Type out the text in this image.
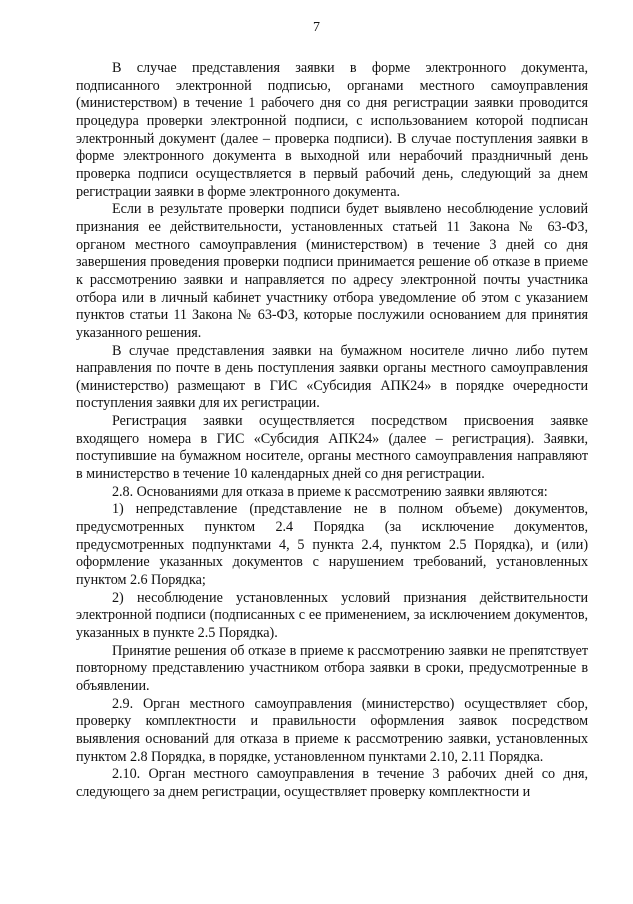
7

В случае представления заявки в форме электронного документа, подписанного электронной подписью, органами местного самоуправления (министерством) в течение 1 рабочего дня со дня регистрации заявки проводится процедура проверки электронной подписи, с использованием которой подписан электронный документ (далее – проверка подписи). В случае поступления заявки в форме электронного документа в выходной или нерабочий праздничный день проверка подписи осуществляется в первый рабочий день, следующий за днем регистрации заявки в форме электронного документа.

Если в результате проверки подписи будет выявлено несоблюдение условий признания ее действительности, установленных статьей 11 Закона № 63-ФЗ, органом местного самоуправления (министерством) в течение 3 дней со дня завершения проведения проверки подписи принимается решение об отказе в приеме к рассмотрению заявки и направляется по адресу электронной почты участника отбора или в личный кабинет участнику отбора уведомление об этом с указанием пунктов статьи 11 Закона № 63-ФЗ, которые послужили основанием для принятия указанного решения.

В случае представления заявки на бумажном носителе лично либо путем направления по почте в день поступления заявки органы местного самоуправления (министерство) размещают в ГИС «Субсидия АПК24» в порядке очередности поступления заявки для их регистрации.

Регистрация заявки осуществляется посредством присвоения заявке входящего номера в ГИС «Субсидия АПК24» (далее – регистрация). Заявки, поступившие на бумажном носителе, органы местного самоуправления направляют в министерство в течение 10 календарных дней со дня регистрации.

2.8. Основаниями для отказа в приеме к рассмотрению заявки являются:

1) непредставление (представление не в полном объеме) документов, предусмотренных пунктом 2.4 Порядка (за исключение документов, предусмотренных подпунктами 4, 5 пункта 2.4, пунктом 2.5 Порядка), и (или) оформление указанных документов с нарушением требований, установленных пунктом 2.6 Порядка;

2) несоблюдение установленных условий признания действительности электронной подписи (подписанных с ее применением, за исключением документов, указанных в пункте 2.5 Порядка).

Принятие решения об отказе в приеме к рассмотрению заявки не препятствует повторному представлению участником отбора заявки в сроки, предусмотренные в объявлении.

2.9. Орган местного самоуправления (министерство) осуществляет сбор, проверку комплектности и правильности оформления заявок посредством выявления оснований для отказа в приеме к рассмотрению заявки, установленных пунктом 2.8 Порядка, в порядке, установленном пунктами 2.10, 2.11 Порядка.

2.10. Орган местного самоуправления в течение 3 рабочих дней со дня, следующего за днем регистрации, осуществляет проверку комплектности и
